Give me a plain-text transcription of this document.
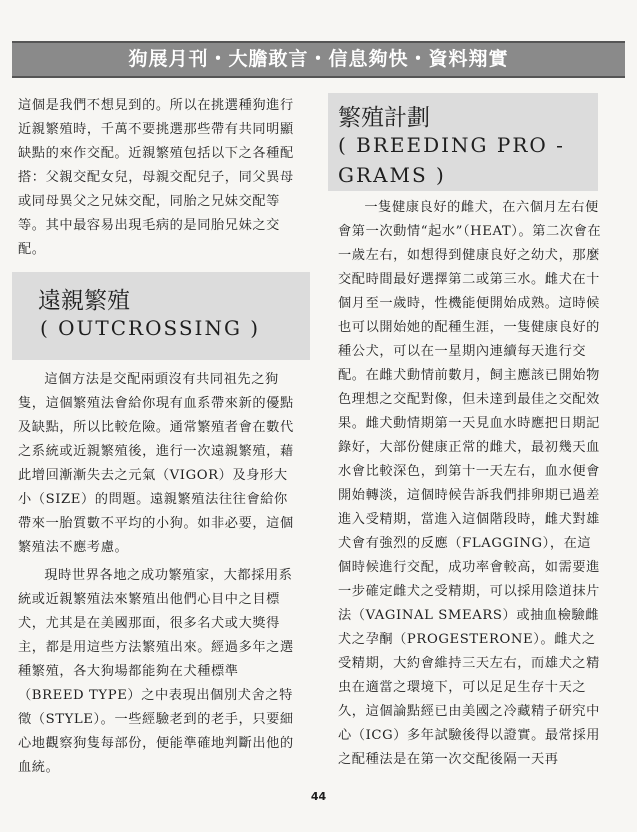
狗展月刊・大膽敢言・信息夠快・資料翔實

這個是我們不想見到的。所以在挑選種狗進行近親繁殖時，千萬不要挑選那些帶有共同明顯缺點的來作交配。近親繁殖包括以下之各種配搭：父親交配女兒，母親交配兒子，同父異母或同母異父之兄妹交配，同胎之兄妹交配等等。其中最容易出現毛病的是同胎兄妹之交配。

遠親繁殖
( OUTCROSSING )

這個方法是交配兩頭沒有共同祖先之狗隻，這個繁殖法會給你現有血系帶來新的優點及缺點，所以比較危險。通常繁殖者會在數代之系統或近親繁殖後，進行一次遠親繁殖，藉此增回漸漸失去之元氣（VIGOR）及身形大小（SIZE）的問題。遠親繁殖法往往會給你帶來一胎質數不平均的小狗。如非必要，這個繁殖法不應考慮。

現時世界各地之成功繁殖家，大都採用系統或近親繁殖法來繁殖出他們心目中之目標犬，尤其是在美國那面，很多名犬或大獎得主，都是用這些方法繁殖出來。經過多年之選種繁殖，各大狗場都能夠在犬種標準（BREED TYPE）之中表現出個別犬舍之特徵（STYLE）。一些經驗老到的老手，只要細心地觀察狗隻每部份，便能準確地判斷出他的血統。

繁殖計劃
( BREEDING PRO -
GRAMS )

一隻健康良好的雌犬，在六個月左右便會第一次動情“起水”（HEAT）。第二次會在一歲左右，如想得到健康良好之幼犬，那麼交配時間最好選擇第二或第三水。雌犬在十個月至一歲時，性機能便開始成熟。這時候也可以開始她的配種生涯，一隻健康良好的種公犬，可以在一星期內連續每天進行交配。在雌犬動情前數月，飼主應該已開始物色理想之交配對像，但未達到最佳之交配效果。雌犬動情期第一天見血水時應把日期記錄好，大部份健康正常的雌犬，最初幾天血水會比較深色，到第十一天左右，血水便會開始轉淡，這個時候告訴我們排卵期已過差進入受精期，當進入這個階段時，雌犬對雄犬會有強烈的反應（FLAGGING），在這個時候進行交配，成功率會較高，如需要進一步確定雌犬之受精期，可以採用陰道抹片法（VAGINAL SMEARS）或抽血檢驗雌犬之孕酮（PROGESTERONE）。雌犬之受精期，大約會維持三天左右，而雄犬之精虫在適當之環境下，可以足足生存十天之久，這個論點經已由美國之冷藏精子研究中心（ICG）多年試驗後得以證實。最常採用之配種法是在第一次交配後隔一天再

44
